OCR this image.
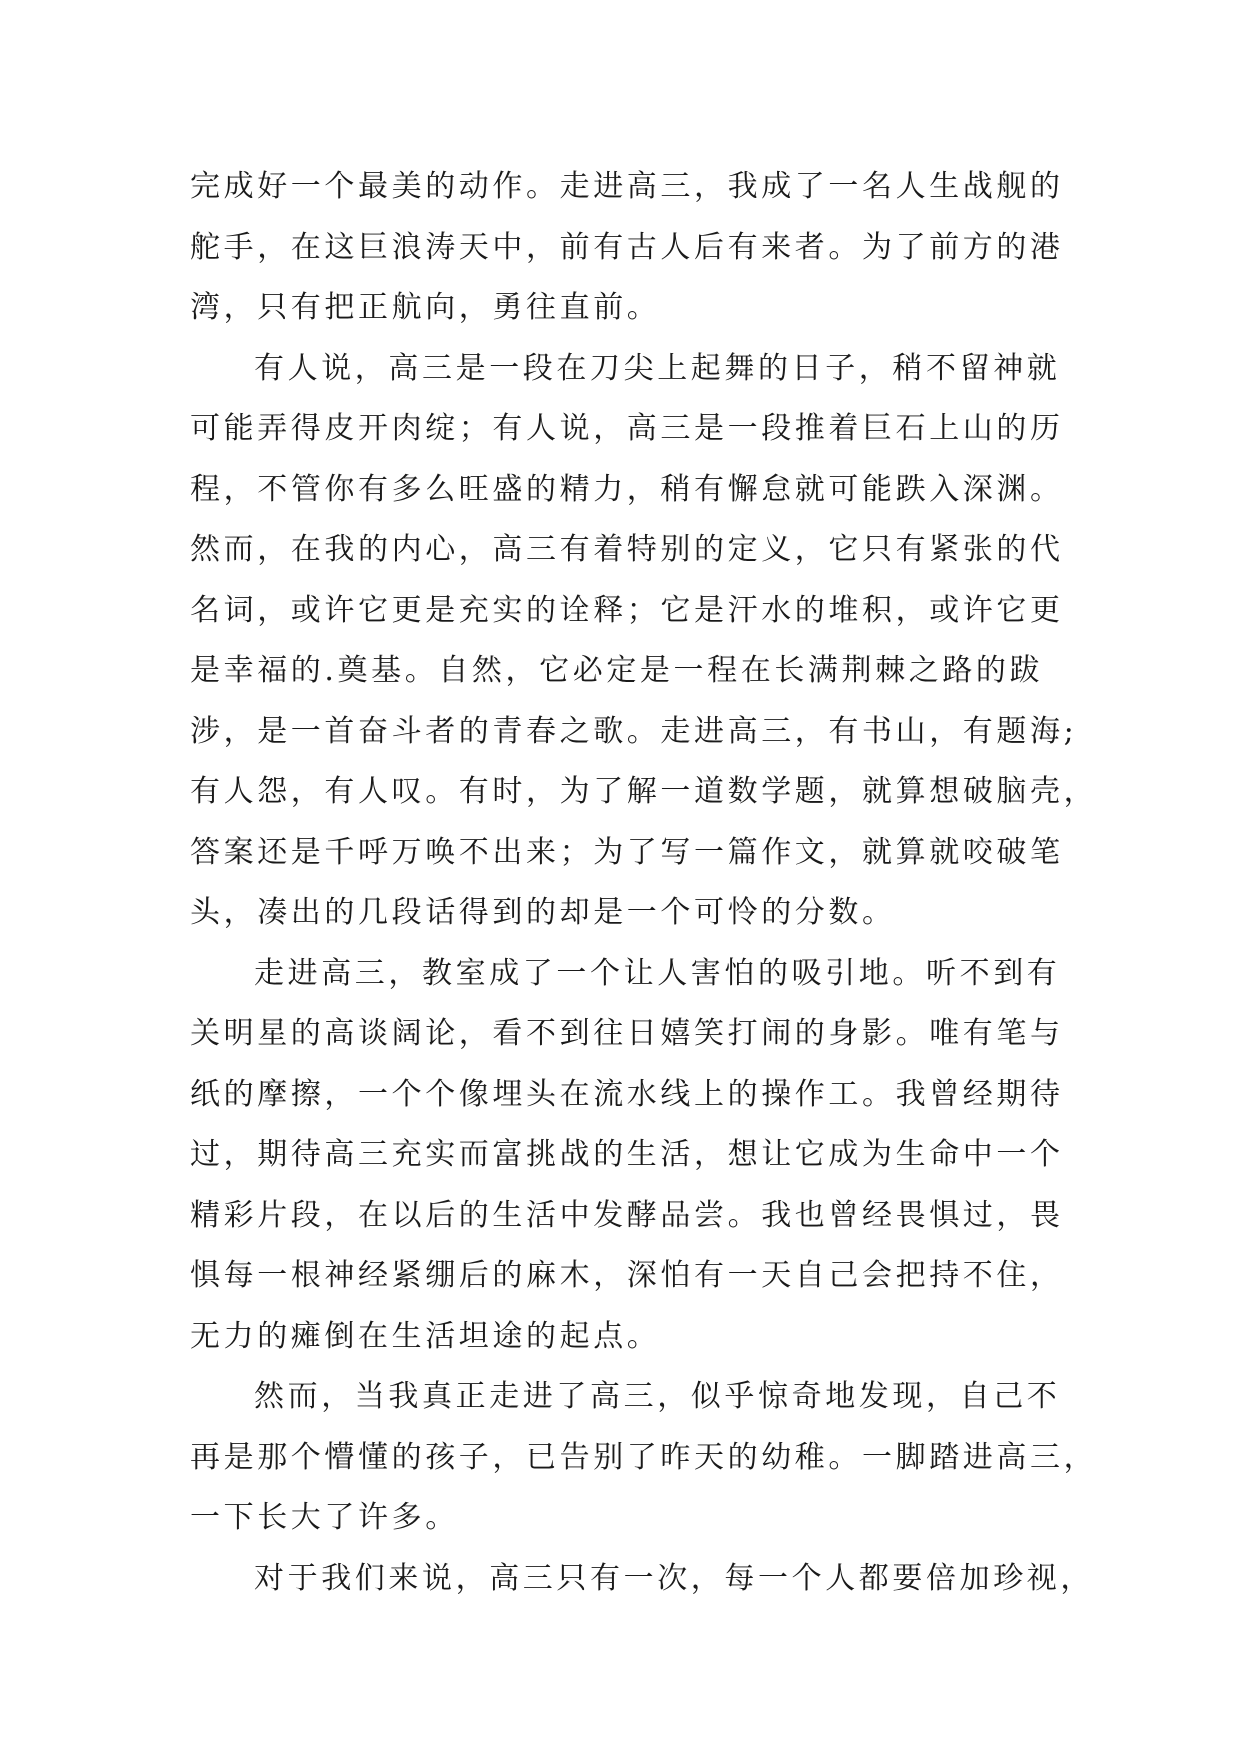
完成好一个最美的动作。走进高三，我成了一名人生战舰的
舵手，在这巨浪涛天中，前有古人后有来者。为了前方的港
湾，只有把正航向，勇往直前。
有人说，高三是一段在刀尖上起舞的日子，稍不留神就
可能弄得皮开肉绽；有人说，高三是一段推着巨石上山的历
程，不管你有多么旺盛的精力，稍有懈怠就可能跌入深渊。
然而，在我的内心，高三有着特别的定义，它只有紧张的代
名词，或许它更是充实的诠释；它是汗水的堆积，或许它更
是幸福的.奠基。自然，它必定是一程在长满荆棘之路的跋
涉，是一首奋斗者的青春之歌。走进高三，有书山，有题海;
有人怨，有人叹。有时，为了解一道数学题，就算想破脑壳，
答案还是千呼万唤不出来；为了写一篇作文，就算就咬破笔
头，凑出的几段话得到的却是一个可怜的分数。
走进高三，教室成了一个让人害怕的吸引地。听不到有
关明星的高谈阔论，看不到往日嬉笑打闹的身影。唯有笔与
纸的摩擦，一个个像埋头在流水线上的操作工。我曾经期待
过，期待高三充实而富挑战的生活，想让它成为生命中一个
精彩片段，在以后的生活中发酵品尝。我也曾经畏惧过，畏
惧每一根神经紧绷后的麻木，深怕有一天自己会把持不住，
无力的瘫倒在生活坦途的起点。
然而，当我真正走进了高三，似乎惊奇地发现，自己不
再是那个懵懂的孩子，已告别了昨天的幼稚。一脚踏进高三，
一下长大了许多。
对于我们来说，高三只有一次，每一个人都要倍加珍视，
